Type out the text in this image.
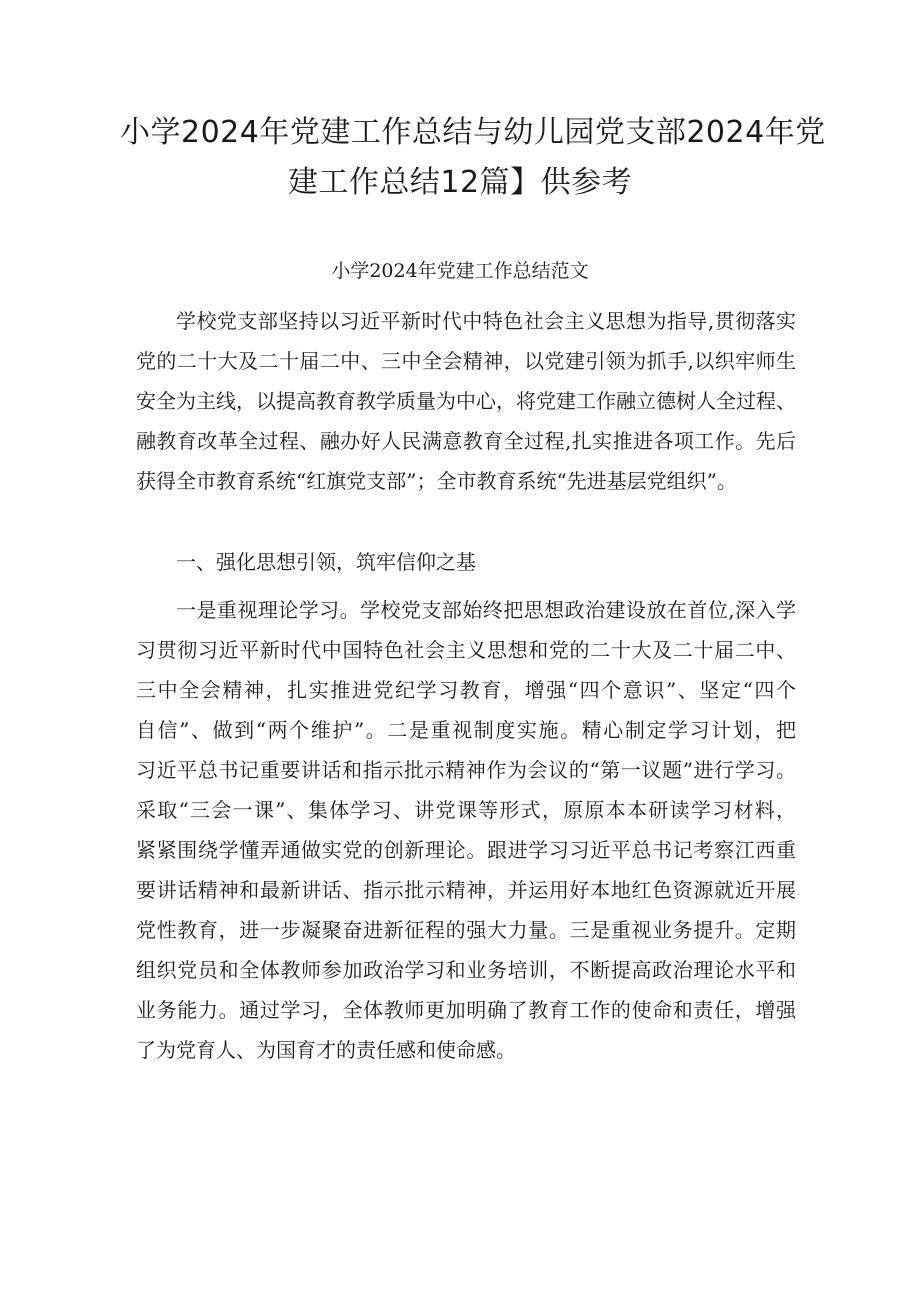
小学2024年党建工作总结与幼儿园党支部2024年党
建工作总结12篇】供参考
小学2024年党建工作总结范文
学校党支部坚持以习近平新时代中特色社会主义思想为指导,贯彻落实
党的二十大及二十届二中、三中全会精神，以党建引领为抓手,以织牢师生
安全为主线，以提高教育教学质量为中心，将党建工作融立德树人全过程、
融教育改革全过程、融办好人民满意教育全过程,扎实推进各项工作。先后
获得全市教育系统“红旗党支部”；全市教育系统“先进基层党组织”。
一、强化思想引领，筑牢信仰之基
一是重视理论学习。学校党支部始终把思想政治建设放在首位,深入学
习贯彻习近平新时代中国特色社会主义思想和党的二十大及二十届二中、
三中全会精神，扎实推进党纪学习教育，增强“四个意识”、坚定“四个
自信”、做到“两个维护”。二是重视制度实施。精心制定学习计划，把
习近平总书记重要讲话和指示批示精神作为会议的“第一议题”进行学习。
采取“三会一课”、集体学习、讲党课等形式，原原本本研读学习材料，
紧紧围绕学懂弄通做实党的创新理论。跟进学习习近平总书记考察江西重
要讲话精神和最新讲话、指示批示精神，并运用好本地红色资源就近开展
党性教育，进一步凝聚奋进新征程的强大力量。三是重视业务提升。定期
组织党员和全体教师参加政治学习和业务培训，不断提高政治理论水平和
业务能力。通过学习，全体教师更加明确了教育工作的使命和责任，增强
了为党育人、为国育才的责任感和使命感。
